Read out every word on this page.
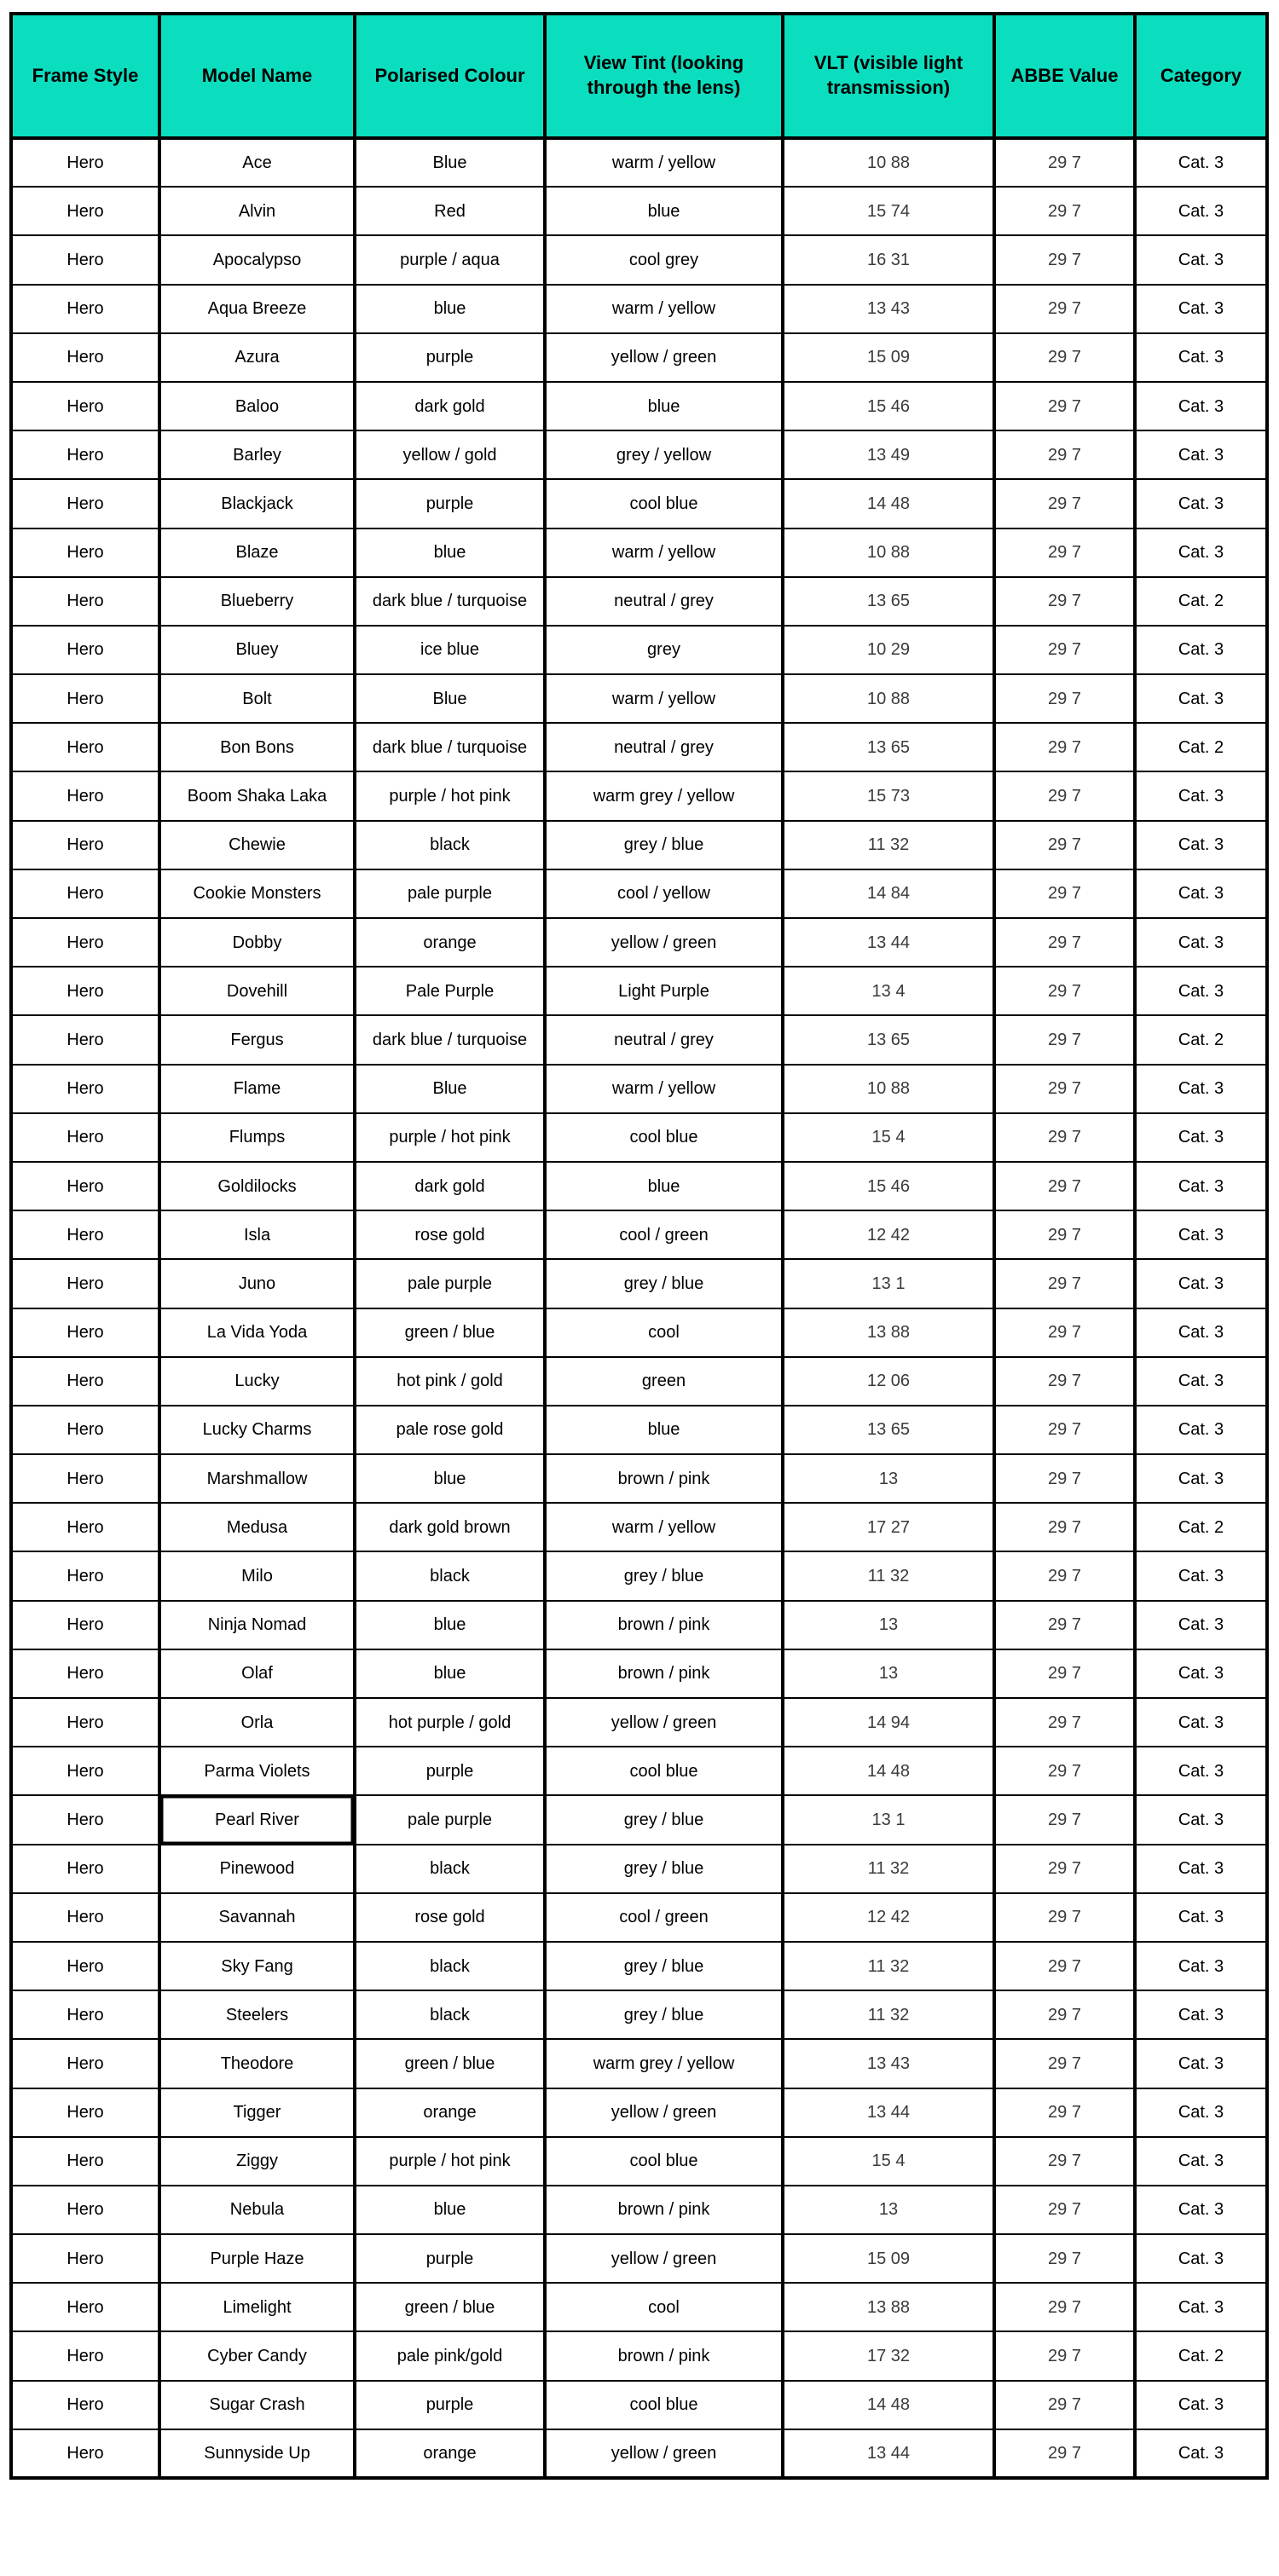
Frame Style	Model Name	Polarised Colour	View Tint (looking through the lens)	VLT (visible light transmission)	ABBE Value	Category
Hero	Ace	Blue	warm / yellow	10 88	29 7	Cat. 3
Hero	Alvin	Red	blue	15 74	29 7	Cat. 3
Hero	Apocalypso	purple / aqua	cool grey	16 31	29 7	Cat. 3
Hero	Aqua Breeze	blue	warm / yellow	13 43	29 7	Cat. 3
Hero	Azura	purple	yellow / green	15 09	29 7	Cat. 3
Hero	Baloo	dark gold	blue	15 46	29 7	Cat. 3
Hero	Barley	yellow / gold	grey / yellow	13 49	29 7	Cat. 3
Hero	Blackjack	purple	cool blue	14 48	29 7	Cat. 3
Hero	Blaze	blue	warm / yellow	10 88	29 7	Cat. 3
Hero	Blueberry	dark blue / turquoise	neutral / grey	13 65	29 7	Cat. 2
Hero	Bluey	ice blue	grey	10 29	29 7	Cat. 3
Hero	Bolt	Blue	warm / yellow	10 88	29 7	Cat. 3
Hero	Bon Bons	dark blue / turquoise	neutral / grey	13 65	29 7	Cat. 2
Hero	Boom Shaka Laka	purple / hot pink	warm grey / yellow	15 73	29 7	Cat. 3
Hero	Chewie	black	grey / blue	11 32	29 7	Cat. 3
Hero	Cookie Monsters	pale purple	cool / yellow	14 84	29 7	Cat. 3
Hero	Dobby	orange	yellow / green	13 44	29 7	Cat. 3
Hero	Dovehill	Pale Purple	Light Purple	13 4	29 7	Cat. 3
Hero	Fergus	dark blue / turquoise	neutral / grey	13 65	29 7	Cat. 2
Hero	Flame	Blue	warm / yellow	10 88	29 7	Cat. 3
Hero	Flumps	purple / hot pink	cool blue	15 4	29 7	Cat. 3
Hero	Goldilocks	dark gold	blue	15 46	29 7	Cat. 3
Hero	Isla	rose gold	cool / green	12 42	29 7	Cat. 3
Hero	Juno	pale purple	grey / blue	13 1	29 7	Cat. 3
Hero	La Vida Yoda	green / blue	cool	13 88	29 7	Cat. 3
Hero	Lucky	hot pink / gold	green	12 06	29 7	Cat. 3
Hero	Lucky Charms	pale rose gold	blue	13 65	29 7	Cat. 3
Hero	Marshmallow	blue	brown / pink	13	29 7	Cat. 3
Hero	Medusa	dark gold brown	warm / yellow	17 27	29 7	Cat. 2
Hero	Milo	black	grey / blue	11 32	29 7	Cat. 3
Hero	Ninja Nomad	blue	brown / pink	13	29 7	Cat. 3
Hero	Olaf	blue	brown / pink	13	29 7	Cat. 3
Hero	Orla	hot purple / gold	yellow / green	14 94	29 7	Cat. 3
Hero	Parma Violets	purple	cool blue	14 48	29 7	Cat. 3
Hero	Pearl River	pale purple	grey / blue	13 1	29 7	Cat. 3
Hero	Pinewood	black	grey / blue	11 32	29 7	Cat. 3
Hero	Savannah	rose gold	cool / green	12 42	29 7	Cat. 3
Hero	Sky Fang	black	grey / blue	11 32	29 7	Cat. 3
Hero	Steelers	black	grey / blue	11 32	29 7	Cat. 3
Hero	Theodore	green / blue	warm grey / yellow	13 43	29 7	Cat. 3
Hero	Tigger	orange	yellow / green	13 44	29 7	Cat. 3
Hero	Ziggy	purple / hot pink	cool blue	15 4	29 7	Cat. 3
Hero	Nebula	blue	brown / pink	13	29 7	Cat. 3
Hero	Purple Haze	purple	yellow / green	15 09	29 7	Cat. 3
Hero	Limelight	green / blue	cool	13 88	29 7	Cat. 3
Hero	Cyber Candy	pale pink/gold	brown / pink	17 32	29 7	Cat. 2
Hero	Sugar Crash	purple	cool blue	14 48	29 7	Cat. 3
Hero	Sunnyside Up	orange	yellow / green	13 44	29 7	Cat. 3
